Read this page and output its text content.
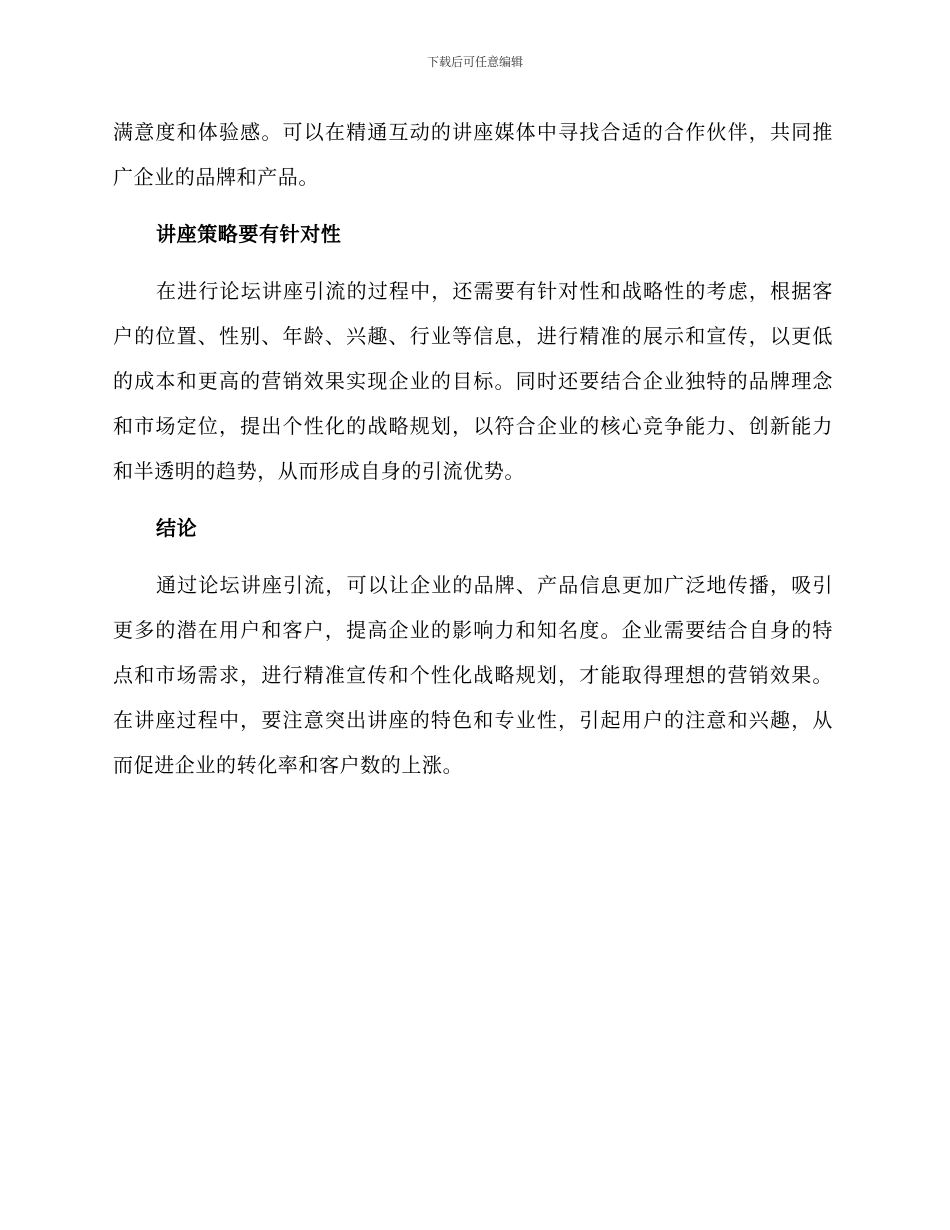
下载后可任意编辑

满意度和体验感。可以在精通互动的讲座媒体中寻找合适的合作伙伴，共同推广企业的品牌和产品。

讲座策略要有针对性

在进行论坛讲座引流的过程中，还需要有针对性和战略性的考虑，根据客户的位置、性别、年龄、兴趣、行业等信息，进行精准的展示和宣传，以更低的成本和更高的营销效果实现企业的目标。同时还要结合企业独特的品牌理念和市场定位，提出个性化的战略规划，以符合企业的核心竞争能力、创新能力和半透明的趋势，从而形成自身的引流优势。

结论

通过论坛讲座引流，可以让企业的品牌、产品信息更加广泛地传播，吸引更多的潜在用户和客户，提高企业的影响力和知名度。企业需要结合自身的特点和市场需求，进行精准宣传和个性化战略规划，才能取得理想的营销效果。在讲座过程中，要注意突出讲座的特色和专业性，引起用户的注意和兴趣，从而促进企业的转化率和客户数的上涨。
